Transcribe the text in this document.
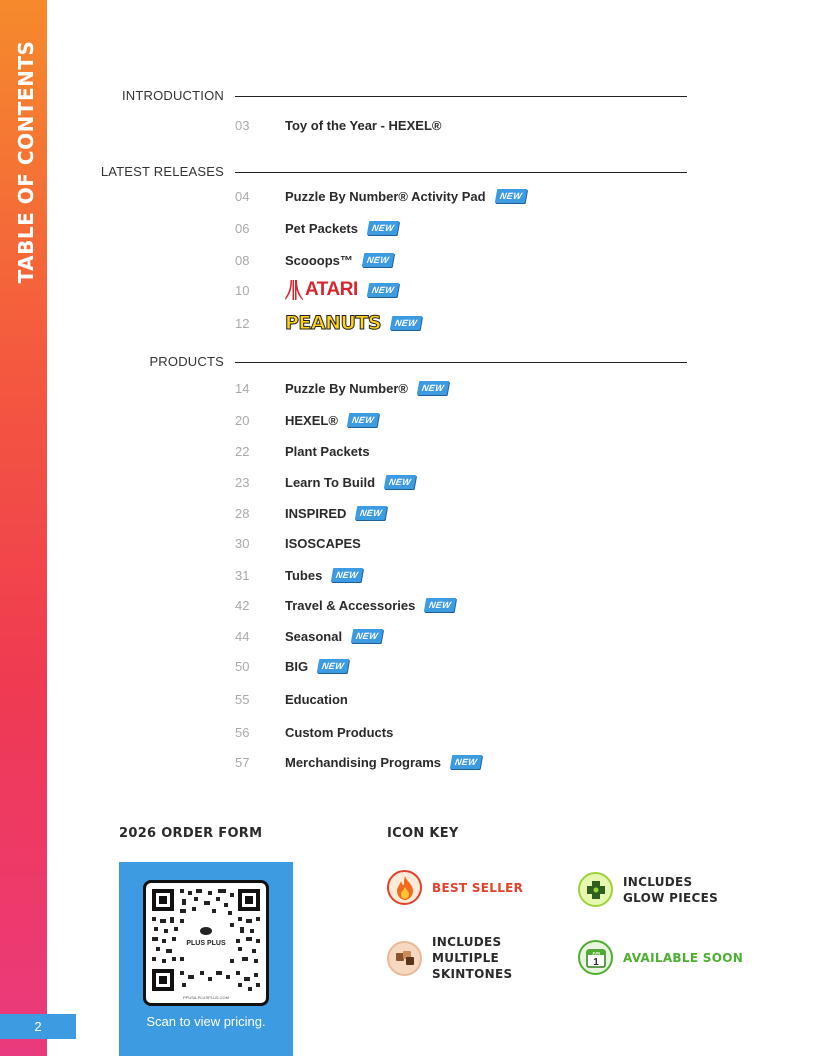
TABLE OF CONTENTS
2
INTRODUCTION
LATEST RELEASES
PRODUCTS
03	Toy of the Year - HEXEL®
04	Puzzle By Number® Activity Pad	NEW
06	Pet Packets	NEW
08	Scooops™	NEW
10	ATARI	NEW
12	PEANUTS	NEW
14	Puzzle By Number®	NEW
20	HEXEL®	NEW
22	Plant Packets
23	Learn To Build	NEW
28	INSPIRED	NEW
30	ISOSCAPES
31	Tubes	NEW
42	Travel & Accessories	NEW
44	Seasonal	NEW
50	BIG	NEW
55	Education
56	Custom Products
57	Merchandising Programs	NEW
2026 ORDER FORM
PLUS PLUS
PPUSA.PLUSPLUS.COM
Scan to view pricing.
ICON KEY
BEST SELLER	INCLUDES
GLOW PIECES
INCLUDES
MULTIPLE
SKINTONES
JUN
1 AVAILABLE SOON
